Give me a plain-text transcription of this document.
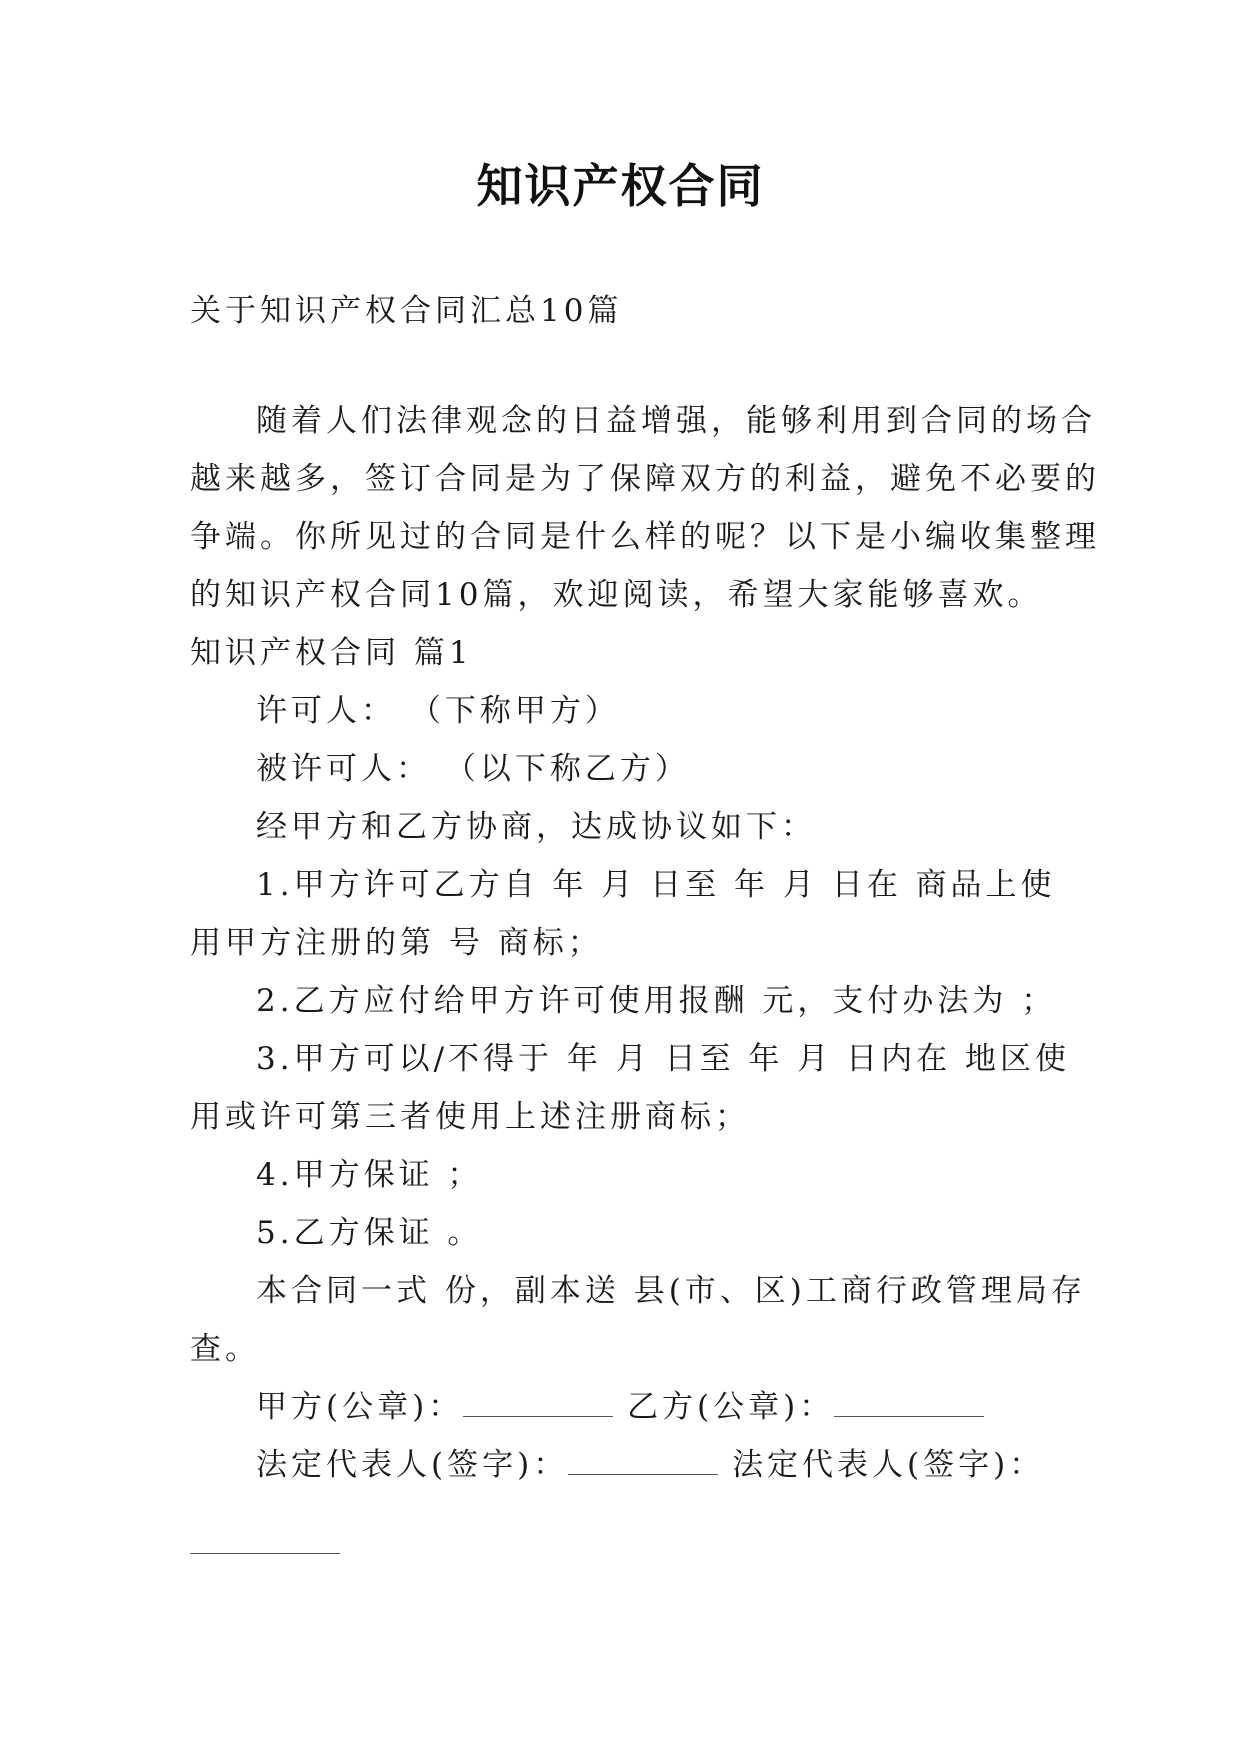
知识产权合同
关于知识产权合同汇总10篇
随着人们法律观念的日益增强，能够利用到合同的场合
越来越多，签订合同是为了保障双方的利益，避免不必要的
争端。你所见过的合同是什么样的呢？以下是小编收集整理
的知识产权合同10篇，欢迎阅读，希望大家能够喜欢。
知识产权合同 篇1
许可人： （下称甲方）
被许可人： （以下称乙方）
经甲方和乙方协商，达成协议如下：
1.甲方许可乙方自 年 月 日至 年 月 日在 商品上使
用甲方注册的第 号 商标；
2.乙方应付给甲方许可使用报酬 元，支付办法为 ；
3.甲方可以/不得于 年 月 日至 年 月 日内在 地区使
用或许可第三者使用上述注册商标；
4.甲方保证 ；
5.乙方保证 。
本合同一式 份，副本送 县(市、区)工商行政管理局存
查。
甲方(公章)：	乙方(公章)：
法定代表人(签字)：	法定代表人(签字)：
